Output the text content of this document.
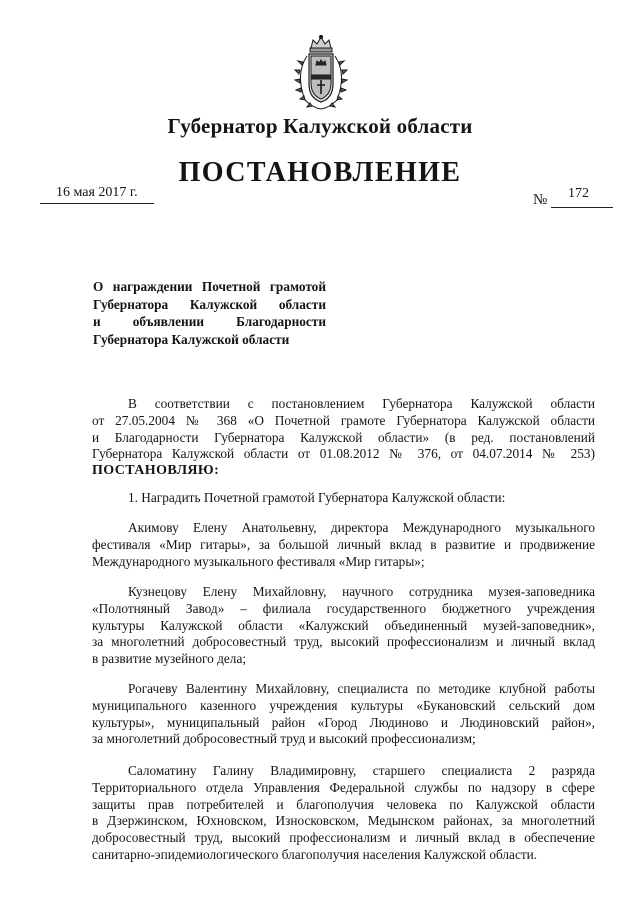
Губернатор Калужской области
ПОСТАНОВЛЕНИЕ
16 мая 2017 г.	№ 172
О награждении Почетной грамотой
Губернатора Калужской области
и объявлении Благодарности
Губернатора Калужской области
В соответствии с постановлением Губернатора Калужской области
от 27.05.2004 № 368 «О Почетной грамоте Губернатора Калужской области
и Благодарности Губернатора Калужской области» (в ред. постановлений
Губернатора Калужской области от 01.08.2012 № 376, от 04.07.2014 № 253)
ПОСТАНОВЛЯЮ:
1. Наградить Почетной грамотой Губернатора Калужской области:
Акимову Елену Анатольевну, директора Международного музыкального
фестиваля «Мир гитары», за большой личный вклад в развитие и продвижение
Международного музыкального фестиваля «Мир гитары»;
Кузнецову Елену Михайловну, научного сотрудника музея-заповедника
«Полотняный Завод» – филиала государственного бюджетного учреждения
культуры Калужской области «Калужский объединенный музей-заповедник»,
за многолетний добросовестный труд, высокий профессионализм и личный вклад
в развитие музейного дела;
Рогачеву Валентину Михайловну, специалиста по методике клубной работы
муниципального казенного учреждения культуры «Букановский сельский дом
культуры», муниципальный район «Город Людиново и Людиновский район»,
за многолетний добросовестный труд и высокий профессионализм;
Саломатину Галину Владимировну, старшего специалиста 2 разряда
Территориального отдела Управления Федеральной службы по надзору в сфере
защиты прав потребителей и благополучия человека по Калужской области
в Дзержинском, Юхновском, Износковском, Медынском районах, за многолетний
добросовестный труд, высокий профессионализм и личный вклад в обеспечение
санитарно-эпидемиологического благополучия населения Калужской области.
